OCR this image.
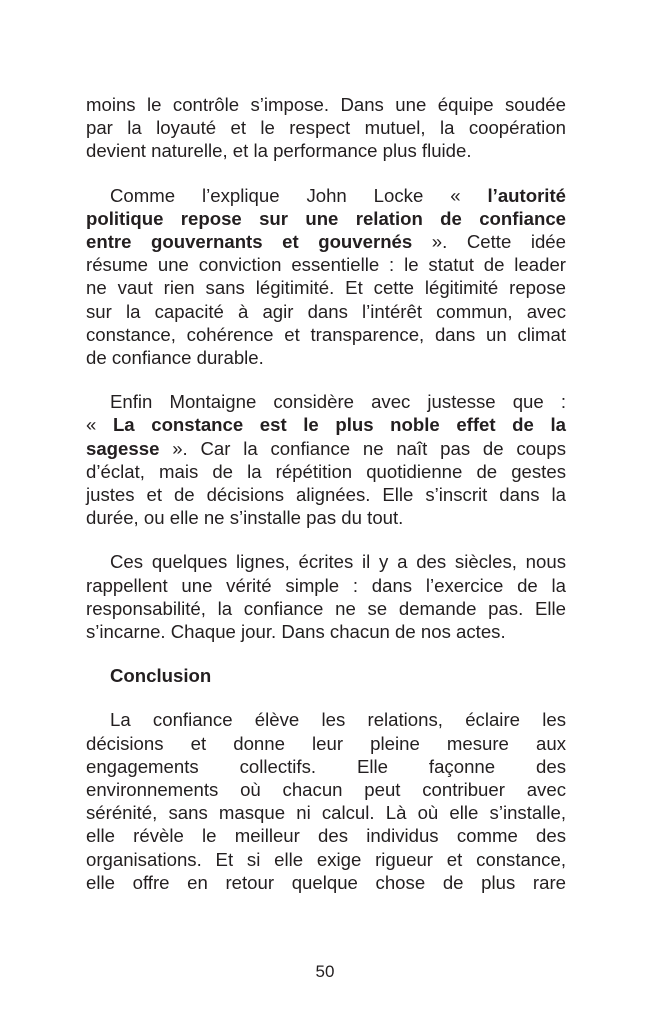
moins le contrôle s’impose. Dans une équipe soudée
par la loyauté et le respect mutuel, la coopération
devient naturelle, et la performance plus fluide.
Comme l’explique John Locke « l’autorité
politique repose sur une relation de confiance
entre gouvernants et gouvernés ». Cette idée
résume une conviction essentielle : le statut de leader
ne vaut rien sans légitimité. Et cette légitimité repose
sur la capacité à agir dans l’intérêt commun, avec
constance, cohérence et transparence, dans un climat
de confiance durable.
Enfin Montaigne considère avec justesse que :
« La constance est le plus noble effet de la
sagesse ». Car la confiance ne naît pas de coups
d’éclat, mais de la répétition quotidienne de gestes
justes et de décisions alignées. Elle s’inscrit dans la
durée, ou elle ne s’installe pas du tout.
Ces quelques lignes, écrites il y a des siècles, nous
rappellent une vérité simple : dans l’exercice de la
responsabilité, la confiance ne se demande pas. Elle
s’incarne. Chaque jour. Dans chacun de nos actes.
Conclusion
La confiance élève les relations, éclaire les
décisions et donne leur pleine mesure aux
engagements collectifs. Elle façonne des
environnements où chacun peut contribuer avec
sérénité, sans masque ni calcul. Là où elle s’installe,
elle révèle le meilleur des individus comme des
organisations. Et si elle exige rigueur et constance,
elle offre en retour quelque chose de plus rare
50
